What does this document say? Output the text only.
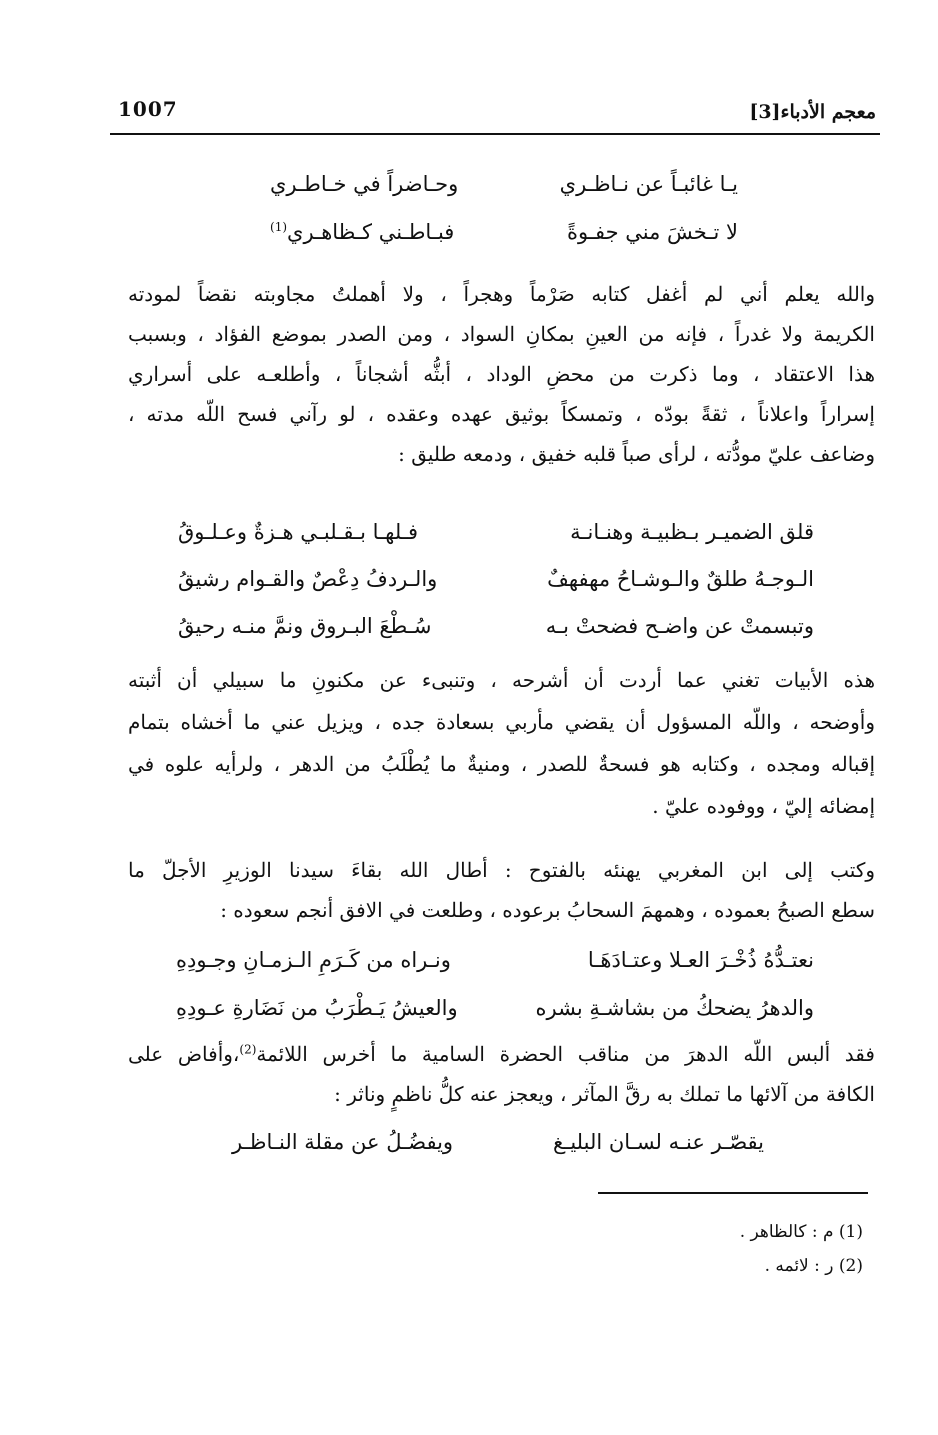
معجم الأدباء[3]
1007
يـا غائبـاً عن نـاظـري
وحـاضراً في خـاطـري
لا تـخشَ مني جفـوةً
فبـاطـني كـظاهـري$^{(1)}$
والله يعلم أني لم أغفل كتابه صَرْماً وهجراً ، ولا أهملتُ مجاوبته نقضاً لمودته
الكريمة ولا غدراً ، فإنه من العينِ بمكانِ السواد ، ومن الصدر بموضع الفؤاد ، وبسبب
هذا الاعتقاد ، وما ذكرت من محضِ الوداد ، أبثُّه أشجاناً ، وأطلعـه على أسراري
إسراراً واعلاناً ، ثقةً بودّه ، وتمسكاً بوثيق عهده وعقده ، لو رآني فسح اللّه مدته ،
وضاعف عليّ مودُّته ، لرأى صباً قلبه خفيق ، ودمعه طليق :
قلق الضميـر بـظبيـة وهنـانـة
فـلهـا بـقـلبـي هـزةٌ وعـلـوقُ
الـوجـهُ طلقٌ والـوشـاحُ مهفهفٌ
والـردفُ دِعْصٌ والقـوام رشيقُ
وتبسمتْ عن واضـح فضحتْ بـه
سُـطْعَ البـروق ونمَّ منـه رحيقُ
هذه الأبيات تغني عما أردت أن أشرحه ، وتنبىء عن مكنونِ ما سبيلي أن أثبته
وأوضحه ، واللّه المسؤول أن يقضي مأربي بسعادة جده ، ويزيل عني ما أخشاه بتمام
إقباله ومجده ، وكتابه هو فسحةٌ للصدر ، ومنيةٌ ما يُطْلَبُ من الدهر ، ولرأيه علوه في
إمضائه إليّ ، ووفوده عليّ .
وكتب إلى ابن المغربي يهنئه بالفتوح : أطال الله بقاءَ سيدنا الوزيرِ الأجلّ ما
سطع الصبحُ بعموده ، وهمهمَ السحابُ برعوده ، وطلعت في الافق أنجم سعوده :
نعتـدُّهُ ذُخْـرَ العـلا وعتـادَهَـا
ونـراه من كَـرَمِ الـزمـانِ وجـودِهِ
والدهرُ يضحكُ من بشاشـةِ بشره
والعيشُ يَـطْرَبُ من نَضَارةِ عـودِهِ
فقد ألبس اللّه الدهرَ من مناقب الحضرة السامية ما أخرس اللائمة$^{(2)}$،وأفاض على
الكافة من آلائها ما تملك به رقَّ المآثر ، ويعجز عنه كلُّ ناظمٍ وناثر :
يقصّـر عنـه لسـان البليـغ
ويفضُـلُ عن مقلة النـاظـر
(1) م : كالظاهر .
(2) ر : لائمه .
